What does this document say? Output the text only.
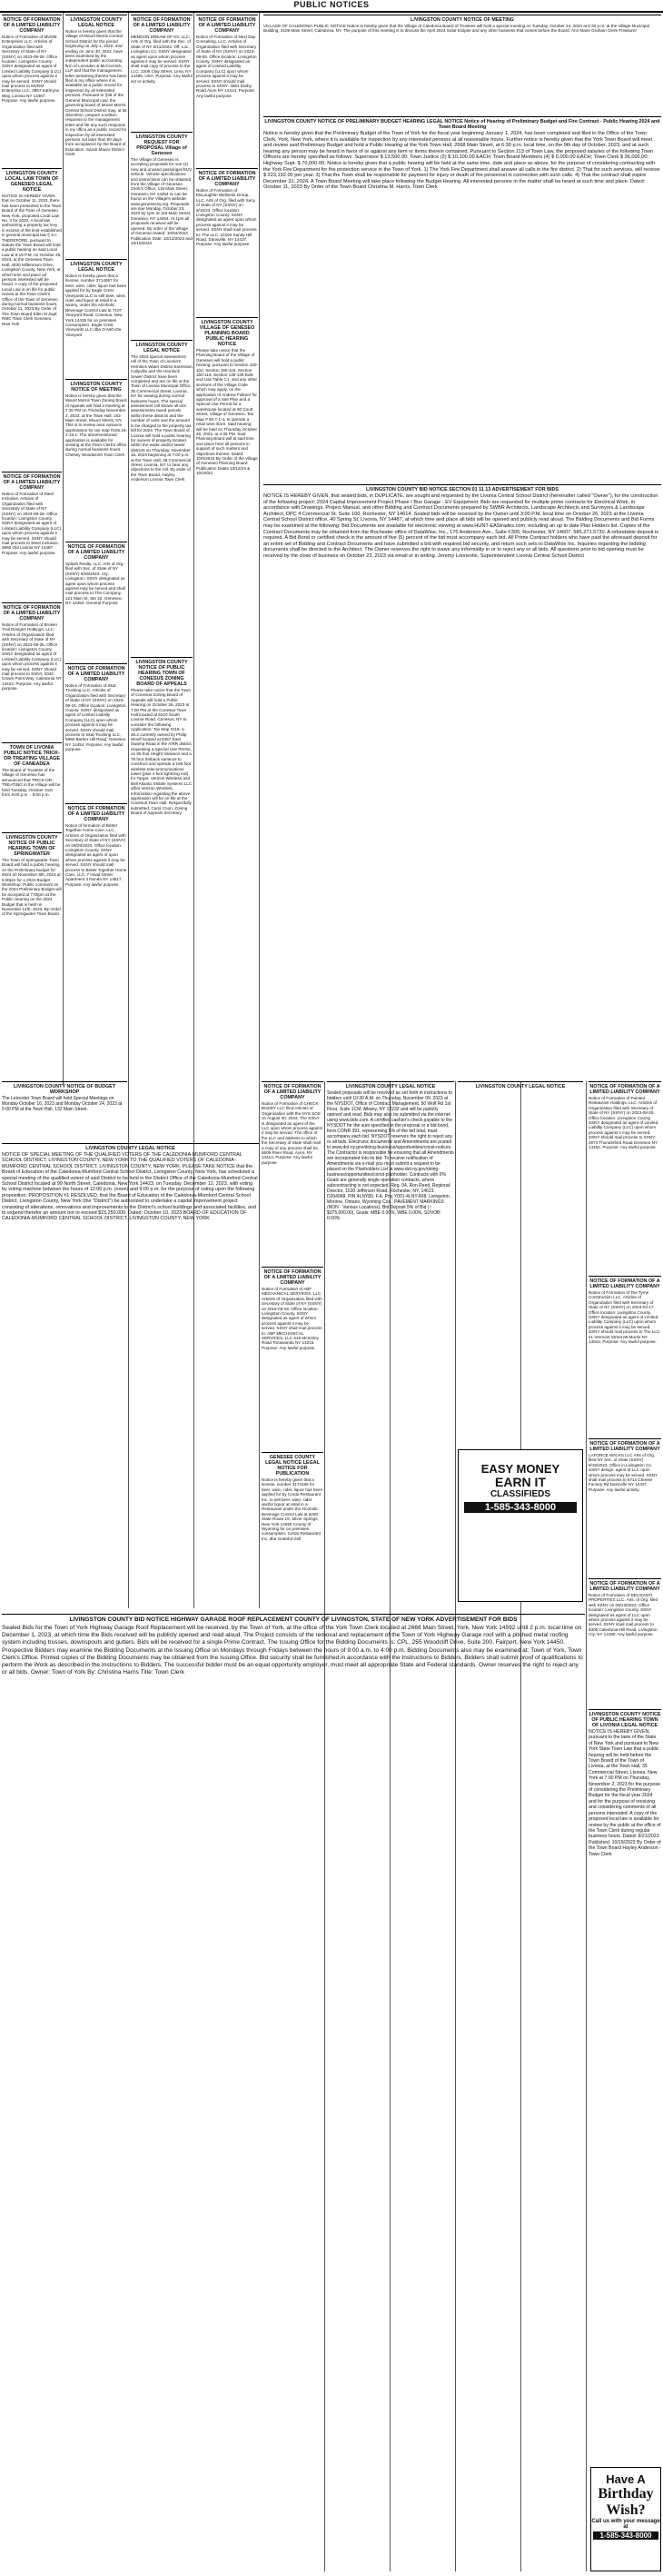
PUBLIC NOTICES
NOTICE OF FORMATION OF A LIMITED LIABILITY COMPANY
Notice of Formation of MVDM Enterprises LLC. Articles of Organization filed with Secretary of State of NY (SSNY) on 2023-09-28. Office location: Livingston County. SSNY designated as agent of Limited Liability Company (LLC) upon whom process against it may be served. SSNY should mail process to MVDM Enterprise LLC, 3857 Kathryne Way, Livonia NY 14487. Purpose: Any lawful purpose.
LIVINGSTON COUNTY LOCAL LAW TOWN OF GENESEO LEGAL NOTICE
NOTICE IS HEREBY GIVEN that on October 11, 2023, there has been presented to the Town Board of the Town of Geneseo New York, proposed Local Law No. 3 for 2023. A local law authorizing a property tax levy in excess of the limit established in general municipal law § 3-c. THEREFORE, pursuant to statute the Town Board will hold a public hearing on said Local Law at 6:15 P.M. on October 25, 2023, at the Geneseo Town Hall, 4630 Millennium Drive, Livingston County, New York, at which time and place all persons interested will be heard. A copy of the proposed Local Law is on file for public review at the Town Clerk's Office of the Town of Geneseo during normal business hours. October 11, 2023 By Order of The Town Board Ellen M Zapf, RMC Town Clerk Geneseo, New York
NOTICE OF FORMATION OF A LIMITED LIABILITY COMPANY
Notice of Formation of Steel Inclusive. Articles of Organization filed with Secretary of State of NY (SSNY) on 2023-09-29. Office location: Livingston County. SSNY designated as agent of Limited Liability Company (LLC) upon whom process against it may be served. SSNY should mail process to Steel Inclusive, 3860 Old Livonia NY 14487. Purpose: Any lawful purpose.
NOTICE OF FORMATION OF A LIMITED LIABILITY COMPANY
Notice of Formation of Broken Trail Designs Holdings, LLC. Articles of Organization filed with Secretary of State of NY (SSNY) on 2023-09-25. Office location: Livingston County. SSNY designated as agent of Limited Liability Company (LLC) upon whom process against it may be served. SSNY should mail process to SSNY, 2043 Crown Point Way, Caledonia NY 14423. Purpose: Any lawful purpose.
TOWN OF LIVONIA PUBLIC NOTICE TRICK-OR-TREATING VILLAGE OF CANEADEA
The Board of Trustees of the Village of Geneseo has announced that TRICK-OR-TREATING in the Village will be held Tuesday, October 31st from 6:00 p.m. - 8:00 p.m.
LIVINGSTON COUNTY NOTICE OF PUBLIC HEARING TOWN OF SPRINGWATER
The Town of Springwater Town Board will hold a public hearing on the Preliminary budget for 2024 on November 8th, 2023 at 6:00pm for a 2024 Budget Workshop. Public comment on the 2024 Preliminary Budget will be accepted at 7:00pm at the Public Hearing on the 2024 Budget that is held on November 14th, 2023. By Order of the Springwater Town Board.
LIVINGSTON COUNTY LEGAL NOTICE
Notice is hereby given that the Village of Mount Morris Central School District for the period beginning on July 1, 2022, and ending on June 30, 2023, have been examined by the independent public accounting firm of Lumsden & McCormick, LLP and that the management letter pertaining thereto has been filed in my office where it is available as a public record for inspection by all interested persons. Pursuant to §35 of the General Municipal Law, the governing board of Mount Morris Central School District may, at its discretion, prepare a written response to the management letter and file any such response in my office as a public record for inspection by all interested persons not later than 90 days from acceptance by the Board of Education. Sarah Mauro District Clerk
LIVINGSTON COUNTY LEGAL NOTICE
Notice is hereby given that a license, number 3714067 for beer, wine, cider, liquor has been applied for by Eagle Crest Vineyards LLC to sell beer, wine, cider and liquor at retail in a winery, under the Alcoholic Beverage Control Law at 7107 Vineyard Road, Conesus, New York 14435 for on premises consumption. Eagle Crest Vineyards LLC dba O-Neh-Da Vineyard
LIVINGSTON COUNTY NOTICE OF MEETING
Notice is hereby given that the Mount Morris Town Zoning Board of Appeals will hold a meeting at 7:30 PM on Thursday November 2, 2023, at the Town Hall, 103 Main Street, Mount Morris, NY. This is to review area variance applications for tax map #106.15-1-23.1. The aforementioned application is available for viewing at the Town Clerk's office during normal business hours. Chelsey Woodworth Town Clerk
NOTICE OF FORMATION OF A LIMITED LIABILITY COMPANY
Splash Realty, LLC. Arts of Org. filed with Sec. of State of NY (SSNY) 9/26/2023. Cty: Livingston. SSNY designated as agent upon whom process against may be served and shall mail process to The Company, 121 Main St, Ste 22, Geneseo, NY 14454. General Purpose
NOTICE OF FORMATION OF A LIMITED LIABILITY COMPANY
Notice of Formation of Skat Trucking LLC. Articles of Organization filed with Secretary of State of NY (SSNY) on 2023-09-15. Office location: Livingston County. SSNY designated as agent of Limited Liability Company (LLC) upon whom process against it may be served. SSNY should mail process to Skat Trucking LLC, 5950 Barber Hill Road, Geneseo NY 14454. Purpose: Any lawful purpose.
NOTICE OF FORMATION OF A LIMITED LIABILITY COMPANY
Notice of formation of Better Together Home Care, LLC. Articles of Organization filed with Secretary of State of NY (SSNY) on 09/29/2023. Office location: Livingston County. SSNY designated as agent of upon whom process against it may be served. SSNY should mail process to Better Together Home Care, LLC, 7 Hoad Street Apartment 3 Nunda NY 14517. Purpose: Any lawful purpose.
NOTICE OF FORMATION OF A LIMITED LIABILITY COMPANY
MENDON DREAM OF NY, LLC, Arts of Org. filed with the Sec. of State of NY 9/11/2023. Off. Loc.: Livingston Co. SSNY designated as agent upon whom process against it may be served. SSNY shall mail copy of process to the LLC, 2206 Clay Street, Lima, NY 14485, USA. Purpose: Any lawful act or activity.
LIVINGSTON COUNTY REQUEST FOR PROPOSAL Village of Geneseo
The Village of Geneseo is accepting proposals for one (1) new and unused passenger/SUV vehicle. Vehicle specifications and instructions can be obtained from the Village of Geneseo Clerk's Office, 119 Main Street, Geneseo, NY 14454 or can be found on the Village's website: www.geneseony.org. Proposals are due Monday, October 23, 2023 by 1pm at 119 Main Street, Geneseo, NY 14454. At 1pm all proposals received will be opened. By order of the Village of Geneseo Dated: 10/04/2023 Publication Date: 10/12/2023 and 10/19/2023
LIVINGSTON COUNTY LEGAL NOTICE
The 2023 special assessment roll of the Town of Livonia's Hemlock Water District Extension Caliyville and the Hemlock Sewer District have been completed and are on file at the Town of Livonia Municipal Office, 35 Commercial Street, Livonia, NY for viewing during normal business hours. The special assessment roll shows all unit assessments taxed parcels within these districts and the number of units and the amount to be charged to the property tax bill for 2024. The Town Board of Livonia will hold a public hearing for owners of property located within the water and/or sewer districts on Thursday, November 16, 2023 beginning at 7:00 p.m. at the Town Hall, 35 Commercial Street, Livonia, NY, to hear any objections to the roll. By order of the Town Board, Hayley Anderson Livonia Town Clerk
LIVINGSTON COUNTY NOTICE OF PUBLIC HEARING TOWN OF CONESUS ZONING BOARD OF APPEALS
Please take notice that the Town of Conesus Zoning Board of Appeals will hold a Public Hearing on October 26, 2023 at 7:00 PM at the Conesus Town Hall located at 6210 South Livonia Road, Conesus, NY to consider the following Application: Tax Map #119.-1-35.2 currently owned by Philip Woolf located at 6457 East Swamp Road in the A/RR district requesting a Special Use Permit, on 85 foot Height Variance and a 78 foot Setback variance to construct and operate a 165 foot wireless telecommunications tower (plus 4 foot lightning rod) for Target, Verizon Wireless and Bell Atlantic Mobile Systems LLC d/b/a Verizon Wireless. Information regarding the above application will be on file at the Conesus Town Hall. Respectfully submitted, Carol Coon, Zoning Board of Appeals Secretary
NOTICE OF FORMATION OF A LIMITED LIABILITY COMPANY
Notice of Formation of Next Day Consulting, LLC. Articles of Organization filed with Secretary of State of NY (SSNY) on 2023-09-06. Office location: Livingston County. SSNY designated as agent of Limited Liability Company (LLC) upon whom process against it may be served. SSNY should mail process to SSNY: 4681 Darby Road Avon NY 14414. Purpose: Any lawful purpose.
NOTICE OF FORMATION OF A LIMITED LIABILITY COMPANY
Notice of Formation of McLaughlin Wellness Group, LLC. Arts of Org. filed with Secy. of State of NY (SSNY) on 9/15/23. Office location: Livingston County. SSNY designated as agent upon whom process against it may be served. SSNY shall mail process to: The LLC, 10160 Sandy Hill Road, Dansville, NY 14437. Purpose: Any lawful purpose.
LIVINGSTON COUNTY VILLAGE OF GENESEO PLANNING BOARD PUBLIC HEARING NOTICE
Please take notice that the Planning Board of the Village of Geneseo will hold a public hearing, pursuant to Section 150-104, Section 150-115, Section 150-116, Section 130-136 Bulk and Use Table C1, and any other sections of the Village Code which may apply, on the application of Andrew Follmer for approval of a Site Plan and a Special Use Permit for a warehouse located at 90 Court Street, Village of Geneseo, Tax Map # 80.7-1-4, to operate a retail wine store. Said hearing will be held on Thursday October 26, 2023, at 4:30 PM. Said Planning Board will at said time and place hear all persons in support of such matters and objections thereto. Dated: 10/5/2023 By Order of the Village of Geneseo Planning Board Publication Dates 10/12/23 & 10/19/23
LIVINGSTON COUNTY NOTICE OF MEETING
VILLAGE OF CALEDONIA PUBLIC NOTICE Notice is hereby given that the Village of Caledonia Board of Trustees will hold a special meeting on Tuesday, October 24, 2023 at 6:30 p.m. at the Village Municipal Building, 3109 Main Street, Caledonia, NY. The purpose of this meeting is to discuss the April 2024 Solar Eclipse and any other business that comes before the Board. Ann Marie Graham Clerk-Treasurer
LIVINGSTON COUNTY NOTICE OF PRELIMINARY BUDGET HEARING LEGAL NOTICE Notice of Hearing of Preliminary Budget and Fire Contract - Public Hearing 2024 and Town Board Meeting
Notice is hereby given that the Preliminary Budget of the Town of York for the fiscal year beginning January 1, 2024, has been completed and filed in the Office of the Town Clerk, York, New York, where it is available for inspection by any interested persons at all reasonable hours. Further notice is hereby given that the York Town Board will meet and review said Preliminary Budget and hold a Public Hearing at the York Town Hall, 2668 Main Street, at 6:30 p.m. local time, on the 9th day of October, 2023, and at such hearing any person may be heard in favor of or against any item or items therein contained. Pursuant to Section 113 of Town Law, the proposed salaries of the following Town Officers are hereby specified as follows: Supervisor $ 13,500.00; Town Justice (2) $ 10,100.00 EACH; Town Board Members (4) $ 6,000.00 EACH; Town Clerk $ 36,000.00; Highway Supt. $ 70,000.00. Notice is hereby given that a public hearing will be held at the same time, date and place as above, for the purpose of considering contracting with the York Fire Department for fire protection service in the Town of York. 1) The York Fire Department shall answer all calls in the fire district. 2) That for such services, will receive $ 223,192.00 per year. 3) That the Town shall be responsible for payment for injury or death of fire personnel in connection with such calls. 4) That the contract shall expire December 31, 2024. A Town Board Meeting will take place following the Budget Hearing. All interested persons in the matter shall be heard at such time and place. Dated: October 11, 2023 By Order of the Town Board Christina M. Harris, Town Clerk
LIVINGSTON COUNTY BID NOTICE SECTION 01 11 13 ADVERTISEMENT FOR BIDS
NOTICE IS HEREBY GIVEN, that sealed bids, in DUPLICATE, are sought and requested by the Livonia Central School District (hereinafter called "Owner"), for the construction of the following project: 2024 Capital Improvement Project Phase I Bus Garage - EV Equipment. Bids are requested for multiple prime contracts for Electrical Work, in accordance with Drawings, Project Manual, and other Bidding and Contract Documents prepared by SWBR Architects, Landscape Architects and Surveyors & Landscape Architect, DPC 4 Commercial St. Suite 100, Rochester, NY 14614. Sealed bids will be received by the Owner until 3:00 P.M. local time on October 26, 2023 at the Livonia Central School District office, 40 Spring St, Livonia, NY 14487, at which time and place all bids will be opened and publicly read aloud. The Bidding Documents and Bid Forms may be examined at the following: Bid Documents are available for electronic viewing at www.HUNT-EAStrades.com; including an up to date Plan Holders list. Copies of the Contract Documents may be obtained from the Rochester office of DataWise, Inc., 176 Anderson Ave., Suite F300, Rochester, NY 14607, 585.271.5730. A refundable deposit is required. A Bid Bond or certified check in the amount of five (5) percent of the bid must accompany each bid. All Prime Contract holders who have paid the aforesaid deposit for an entire set of Bidding and Contract Documents and have submitted a bid with required bid security, and return such sets to DataWise Inc. Inquiries regarding the bidding documents shall be directed to the Architect. The Owner reserves the right to waive any informality in or to reject any or all bids. All questions prior to bid opening must be received by the close of business on October 23, 2023 via email or in writing. Jeremy Lonnevile, Superintendent Livonia Central School District
LIVINGSTON COUNTY NOTICE OF BUDGET WORKSHOP
The Leicester Town Board will hold Special Meetings on Monday October 16, 2023 and Monday October 24, 2023 at 5:00 PM at the Town Hall, 132 Main Street.
LIVINGSTON COUNTY LEGAL NOTICE
NOTICE OF SPECIAL MEETING OF THE QUALIFIED VOTERS OF THE CALEDONIA-MUMFORD CENTRAL SCHOOL DISTRICT, LIVINGSTON COUNTY, NEW YORK TO THE QUALIFIED VOTERS OF CALEDONIA-MUMFORD CENTRAL SCHOOL DISTRICT, LIVINGSTON COUNTY, NEW YORK. PLEASE TAKE NOTICE that the Board of Education of the Caledonia-Mumford Central School District, Livingston County, New York, has scheduled a special meeting of the qualified voters of said District to be held in the District Office of the Caledonia-Mumford Central School District located at 99 North Street, Caledonia, New York 14423, on Tuesday, December 12, 2023, with voting by voting machine between the hours of 12:00 p.m. (noon) and 9:00 p.m. for the purpose of voting upon the following proposition: PROPOSITION #1 RESOLVED, that the Board of Education of the Caledonia-Mumford Central School District, Livingston County, New York (the "District") be authorized to undertake a capital improvement project consisting of alterations, renovations and improvements to the District's school buildings and associated facilities, and to expend therefor an amount not to exceed $15,250,000. Dated: October 10, 2023 BOARD OF EDUCATION OF CALEDONIA-MUMFORD CENTRAL SCHOOL DISTRICT, LIVINGSTON COUNTY, NEW YORK
NOTICE OF FORMATION OF A LIMITED LIABILITY COMPANY
Notice of Formation of CHECK BUDDY LLC filed Articles of Organization with the NYS SOS on August 30, 2023. The SSNY is designated as agent of the LLC upon whom process against it may be served. The office of the LLC and address to which the Secretary of State shall mail a copy of any process shall be, 6505 River Road, Avon, NY 14414. Purpose: Any lawful purpose.
NOTICE OF FORMATION OF A LIMITED LIABILITY COMPANY
Notice of Formation of ABF MECHANICAL SERVICES, LLC. Articles of Organization filed with Secretary of State of NY (SSNY) on 2019-03-25. Office location: Livingston County. SSNY designated as agent of whom process against it may be served. SSNY shall mail process to: ABF MECHANICAL SERVICES, LLC 619 McKinley Road Tonawanda NY 14215. Purpose: Any lawful purpose.
GENESEE COUNTY LEGAL NOTICE LEGAL NOTICE FOR PUBLICATION
Notice is hereby given that a license, number 3174185 for beer, wine, cider, liquor has been applied for by Corda Restaurant Inc. to sell beer, wine, cider and/or liquor at retail in a Restaurant under the Alcoholic Beverage Control Law at 8290 State Route 19, Silver Springs, New York 14550 County of Wyoming for on premises consumption. Corda Restaurant Inc. dba Grateful Grill
LIVINGSTON COUNTY LEGAL NOTICE
Sealed proposals will be received as set forth in instructions to bidders until 10:30 A.M. on Thursday, November 09, 2023 at the NYSDOT, Office of Contract Management, 50 Wolf Rd 1st Floor, Suite 1CM, Albany, NY 12232 and will be publicly opened and read. Bids may also be submitted via the internet using www.bidx.com. A certified cashier's check payable to the NYSDOT for the sum specified in the proposal or a bid bond, form CONR 391, representing 5% of the bid total, must accompany each bid. NYSDOT reserves the right to reject any or all bids. Electronic documents and Amendments are posted to www.dot.ny.gov/doing-business/opportunities/const-notices. The Contractor is responsible for ensuring that all Amendments are incorporated into its bid. To receive notification of Amendments via e-mail you must submit a request to be placed on the Planholders List at www.dot.ny.gov/doing-business/opportunities/const-planholder. Contracts with 0% Goals are generally single operation contracts, where subcontracting is not expected. Reg. 04, Ron Reed, Regional Director, 1530 Jefferson Road, Rochester, NY, 14623. D264968, PIN 4LNY80, F.A. Proj Y001-4LNY-808, Livingston, Monroe, Ontario, Wyoming Cos., PAVEMENT MARKINGS (NON - Various Locations), Bid Deposit 5% of Bid (~ $375,000.00), Goals: MBE 0.00%, WBE 0.00%, SDVOB: 0.00%
NOTICE OF FORMATION OF A LIMITED LIABILITY COMPANY
Notice of Formation of Painted Restaurant Holdings, LLC. Articles of Organization filed with Secretary of State of NY (SSNY) on 2023-08-25. Office location: Livingston County. SSNY designated as agent of Limited Liability Company (LLC) upon whom process against it may be served. SSNY should mail process to SSNY: 2974 Thunderbird Road Geneseo NY 14454. Purpose: Any lawful purpose.
NOTICE OF FORMATION OF A LIMITED LIABILITY COMPANY
Notice of Formation of Tee Tyme Construction LLC. Articles of Organization filed with Secretary of State of NY (SSNY) on 2023-03-17. Office location: Livingston County. SSNY designated as agent of Limited Liability Company (LLC) upon whom process against it may be served. SSNY should mail process to The LLC: 41 Vermont Street Mt.Morris NY 14510. Purpose: Any lawful purpose.
NOTICE OF FORMATION OF A LIMITED LIABILITY COMPANY
LAFORCE WALKS LLC Arts of Org. filed NY Sec. of State (SSNY) 9/19/2023. Office in Livingston Co. SSNY design. agent of LLC upon whom process may be served. SSNY shall mail process to 6714 Cheese Factory Rd Dansville NY 14437. Purpose: Any lawful activity.
NOTICE OF FORMATION OF A LIMITED LIABILITY COMPANY
Notice of Formation of DELISANTI PROPERTIES LLC. Arts. of Org. filed with SSNY on 09/13/2023. Office location: Livingston County. SSNY designated as agent of LLC upon whom process against it may be served. SSNY shall mail process to 6305 Caledonia-Hill Road, Livingston Cty, NY 14480. Any lawful purpose.
LIVINGSTON COUNTY NOTICE OF PUBLIC HEARING TOWN OF LIVONIA LEGAL NOTICE
NOTICE IS HEREBY GIVEN, pursuant to the laws of the State of New York and pursuant to New York State Town Law that a public hearing will be held before the Town Board of the Town of Livonia, at the Town Hall, 35 Commercial Street, Livonia, New York at 7:00 PM on Thursday, November 2, 2023 for the purpose of considering the Preliminary Budget for the fiscal year 2024 and for the purpose of receiving and considering comments of all persons interested. A copy of the proposed local law is available for review by the public at the office of the Town Clerk during regular business hours. Dated: 9/21/2023 Published: 10/19/2023 By Order of the Town Board Hayley Anderson - Town Clerk
LIVINGSTON COUNTY BID NOTICE HIGHWAY GARAGE ROOF REPLACEMENT COUNTY OF LIVINGSTON, STATE OF NEW YORK ADVERTISEMENT FOR BIDS
Sealed Bids for the Town of York Highway Garage Roof Replacement will be received, by the Town of York, at the office of the York Town Clerk located at 2668 Main Street, York, New York 14592 until 2 p.m. local time on December 1, 2023, at which time the Bids received will be publicly opened and read aloud. The Project consists of the removal and replacement of the Town of York Highway Garage roof with a pitched metal roofing system including trusses, downspouts and gutters. Bids will be received for a single Prime Contract. The Issuing Office for the Bidding Documents is: CPL, 255 Woodcliff Drive, Suite 200, Fairport, New York 14450. Prospective Bidders may examine the Bidding Documents at the Issuing Office on Mondays through Fridays between the hours of 9:00 a.m. to 4:00 p.m. Bidding Documents also may be examined at: Town of York, Town Clerk's Office. Printed copies of the Bidding Documents may be obtained from the Issuing Office. Bid security shall be furnished in accordance with the Instructions to Bidders. Bidders shall submit proof of qualifications to perform the Work as described in the Instructions to Bidders. The successful bidder must be an equal opportunity employer, must meet all appropriate State and Federal standards. Owner reserves the right to reject any or all bids. Owner: Town of York By: Christina Harris Title: Town Clerk
EASY MONEY
EARN IT
CLASSIFIEDS
1-585-343-8000
LIVINGSTON COUNTY LEGAL NOTICE
Have A
Birthday
Wish?
Call us with your message at
1-585-343-8000
